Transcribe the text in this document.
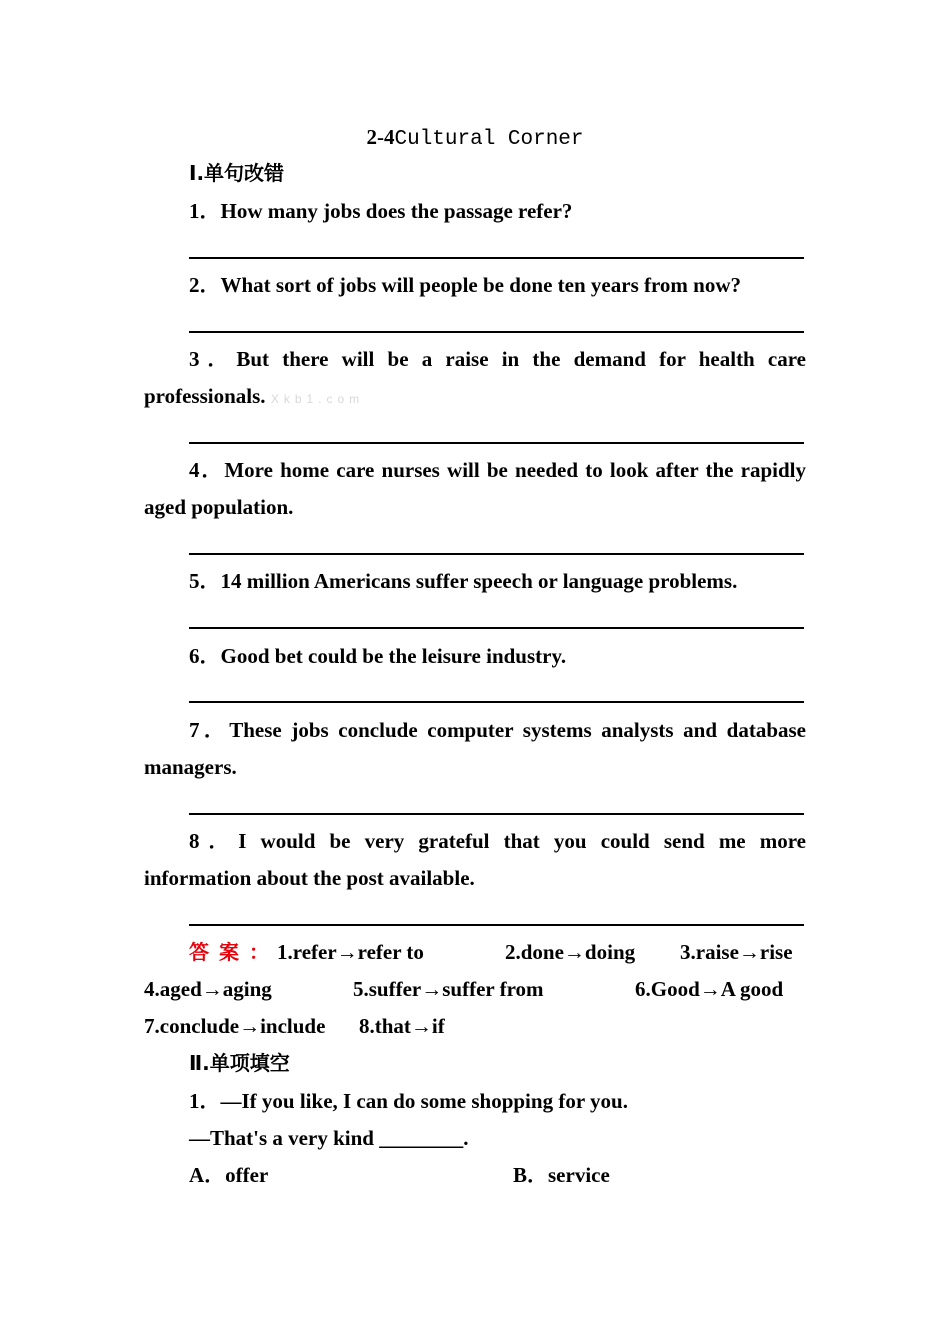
2-4Cultural Corner
Ⅰ.单句改错
1．How many jobs does the passage refer?
2．What sort of jobs will people be done ten years from now?
3．But there will be a raise in the demand for health care professionals. Xkb1.com
4．More home care nurses will be needed to look after the rapidly aged population.
5．14 million Americans suffer speech or language problems.
6．Good bet could be the leisure industry.
7．These jobs conclude computer systems analysts and database managers.
8．I would be very grateful that you could send me more information about the post available.
答案：
1.refer→refer to	2.done→doing 3.raise→rise
4.aged→aging	5.suffer→suffer from	6.Good→A good
7.conclude→include 8.that→if
Ⅱ.单项填空
1．—If you like, I can do some shopping for you.
—That's a very kind ________.
A．offer	B．service
